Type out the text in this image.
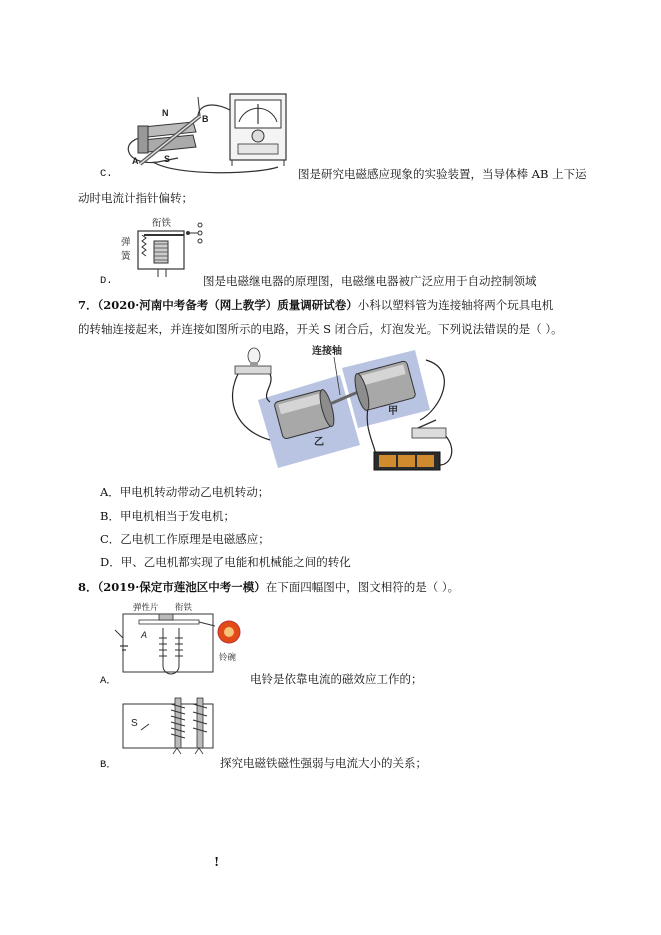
N
S
A
B
C.	图是研究电磁感应现象的实验装置，当导体棒 AB 上下运
动时电流计指针偏转；
衔铁
弹
簧
D.	图是电磁继电器的原理图，电磁继电器被广泛应用于自动控制领域
7．（2020·河南中考备考（网上教学）质量调研试卷）小科以塑料管为连接轴将两个玩具电机
的转轴连接起来，并连接如图所示的电路，开关 S 闭合后，灯泡发光。下列说法错误的是（ ）。
连接轴
甲
乙
A．甲电机转动带动乙电机转动；
B．甲电机相当于发电机；
C．乙电机工作原理是电磁感应；
D．甲、乙电机都实现了电能和机械能之间的转化
8．（2019·保定市莲池区中考一模）在下面四幅图中，图文相符的是（ ）。
弹性片 衔铁
A
铃碗
A．	电铃是依靠电流的磁效应工作的；
S
B．	探究电磁铁磁性强弱与电流大小的关系；
!
